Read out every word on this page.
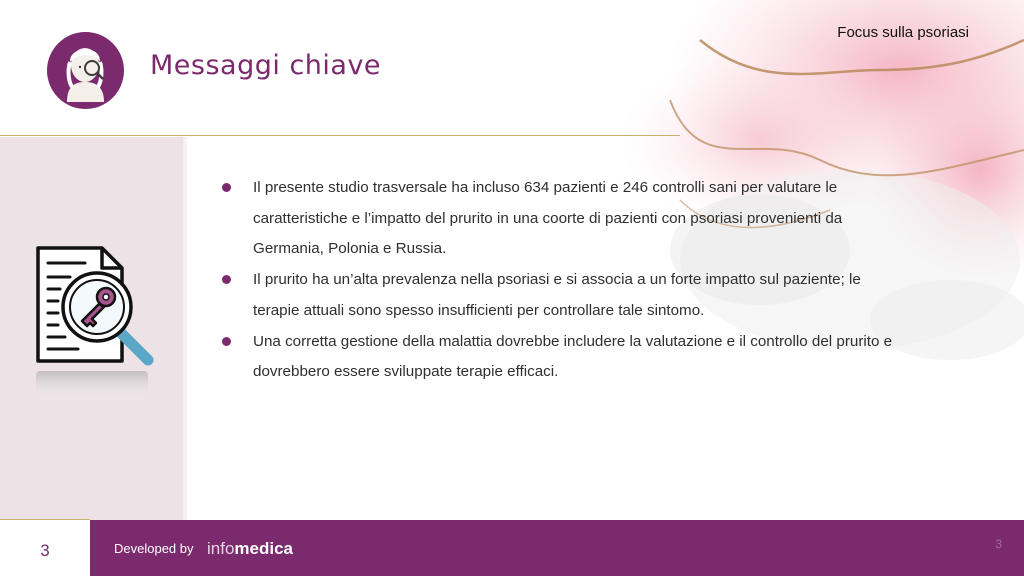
Messaggi chiave
Focus sulla psoriasi
Il presente studio trasversale ha incluso 634 pazienti e 246 controlli sani per valutare le caratteristiche e l’impatto del prurito in una coorte di pazienti con psoriasi provenienti da Germania, Polonia e Russia.
Il prurito ha un’alta prevalenza nella psoriasi e si associa a un forte impatto sul paziente; le terapie attuali sono spesso insufficienti per controllare tale sintomo.
Una corretta gestione della malattia dovrebbe includere la valutazione e il controllo del prurito e dovrebbero essere sviluppate terapie efficaci.
3	Developed by infomedica	3
